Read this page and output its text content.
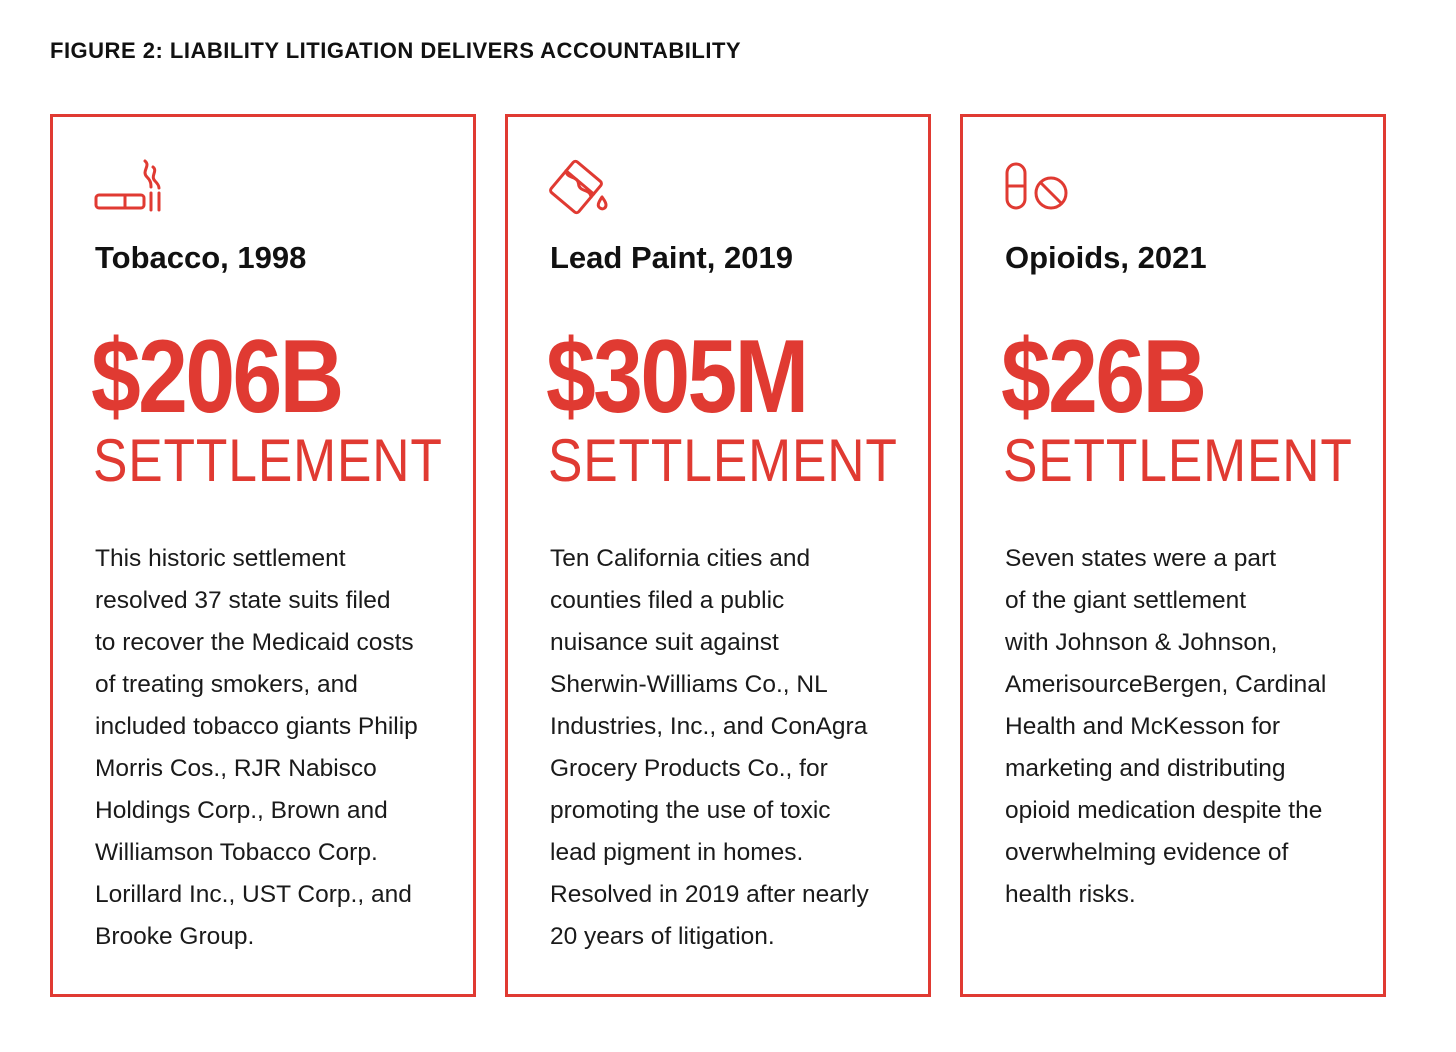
FIGURE 2: LIABILITY LITIGATION DELIVERS ACCOUNTABILITY
Tobacco, 1998
$206B
SETTLEMENT
This historic settlement
resolved 37 state suits filed
to recover the Medicaid costs
of treating smokers, and
included tobacco giants Philip
Morris Cos., RJR Nabisco
Holdings Corp., Brown and
Williamson Tobacco Corp.
Lorillard Inc., UST Corp., and
Brooke Group.
Lead Paint, 2019
$305M
SETTLEMENT
Ten California cities and
counties filed a public
nuisance suit against
Sherwin-Williams Co., NL
Industries, Inc., and ConAgra
Grocery Products Co., for
promoting the use of toxic
lead pigment in homes.
Resolved in 2019 after nearly
20 years of litigation.
Opioids, 2021
$26B
SETTLEMENT
Seven states were a part
of the giant settlement
with Johnson & Johnson,
AmerisourceBergen, Cardinal
Health and McKesson for
marketing and distributing
opioid medication despite the
overwhelming evidence of
health risks.
